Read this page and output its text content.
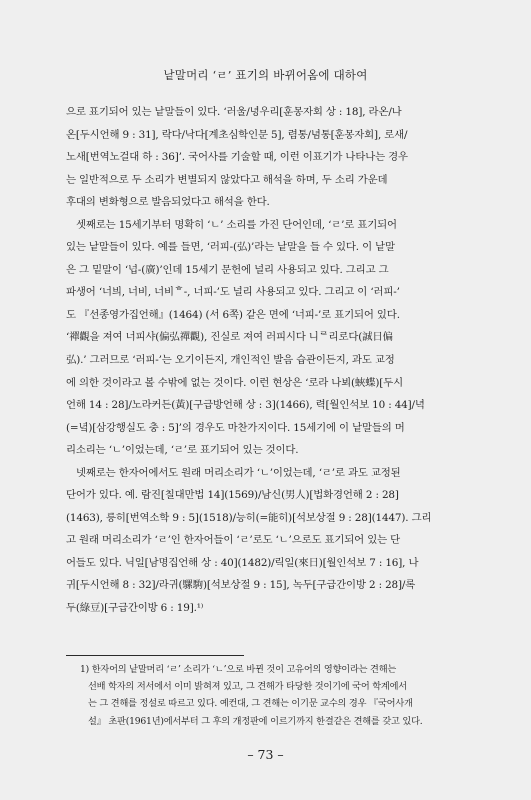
낱말머리 ‘ㄹ’ 표기의 바뀌어옴에 대하여
으로 표기되어 있는 낱말들이 있다. ‘러울/녕우리[훈몽자회 상 : 18], 라온/나
온[두시언해 9 : 31], 락다/낙다[계초심학인문 5], 렴통/념통[훈몽자회], 로새/
노새[번역노걸대 하 : 36]’. 국어사를 기술할 때, 이런 이표기가 나타나는 경우
는 일반적으로 두 소리가 변별되지 않았다고 해석을 하며, 두 소리 가운데
후대의 변화형으로 발음되었다고 해석을 한다.
셋째로는 15세기부터 명확히 ‘ㄴ’ 소리를 가진 단어인데, ‘ㄹ’로 표기되어
있는 낱말들이 있다. 예를 들면, ‘러피-(弘)’라는 낱말을 들 수 있다. 이 낱말
은 그 밑말이 ‘넙-(廣)’인데 15세기 문헌에 널리 사용되고 있다. 그리고 그
파생어 ‘너븨, 너비, 너비ᄒ-, 너피-’도 널리 사용되고 있다. 그리고 이 ‘러피-’
도 『선종영가집언해』(1464) (서 6쪽) 같은 면에 ‘너피-’로 표기되어 있다.
‘禪觀을 져여 너피샤(偏弘禪觀), 진실로 져여 러피시다 니ᄅ리로다(誠日偏
弘).’ 그러므로 ‘러피-’는 오기이든지, 개인적인 발음 습관이든지, 과도 교정
에 의한 것이라고 볼 수밖에 없는 것이다. 이런 현상은 ‘로라 나뵈(蛺蝶)[두시
언해 14 : 28]/노라커든(黃)[구급방언해 상 : 3](1466), 력[월인석보 10 : 44]/녁
(=녘)[삼강행실도 충 : 5]’의 경우도 마찬가지이다. 15세기에 이 낱말들의 머
리소리는 ‘ㄴ’이었는데, ‘ㄹ’로 표기되어 있는 것이다.
넷째로는 한자어에서도 원래 머리소리가 ‘ㄴ’이었는데, ‘ㄹ’로 과도 교정된
단어가 있다. 예. 람진[칠대만법 14](1569)/남신(男人)[법화경언해 2 : 28]
(1463), 릉히[번역소학 9 : 5](1518)/능히(=能히)[석보상절 9 : 28](1447). 그리
고 원래 머리소리가 ‘ㄹ’인 한자어들이 ‘ㄹ’로도 ‘ㄴ’으로도 표기되어 있는 단
어들도 있다. 닉일[남명집언해 상 : 40](1482)/릭일(來日)[월인석보 7 : 16], 나
귀[두시언해 8 : 32]/라귀(騾駒)[석보상절 9 : 15], 녹두[구급간이방 2 : 28]/록
두(綠豆)[구급간이방 6 : 19].¹⁾
1) 한자어의 낱말머리 ‘ㄹ’ 소리가 ‘ㄴ’으로 바뀐 것이 고유어의 영향이라는 견해는
선배 학자의 저서에서 이미 밝혀져 있고, 그 견해가 타당한 것이기에 국어 학계에서
는 그 견해를 정설로 따르고 있다. 예컨대, 그 견해는 이기문 교수의 경우 『국어사개
설』 초판(1961년)에서부터 그 후의 개정판에 이르기까지 한결같은 견해를 갖고 있다.
– 73 –
